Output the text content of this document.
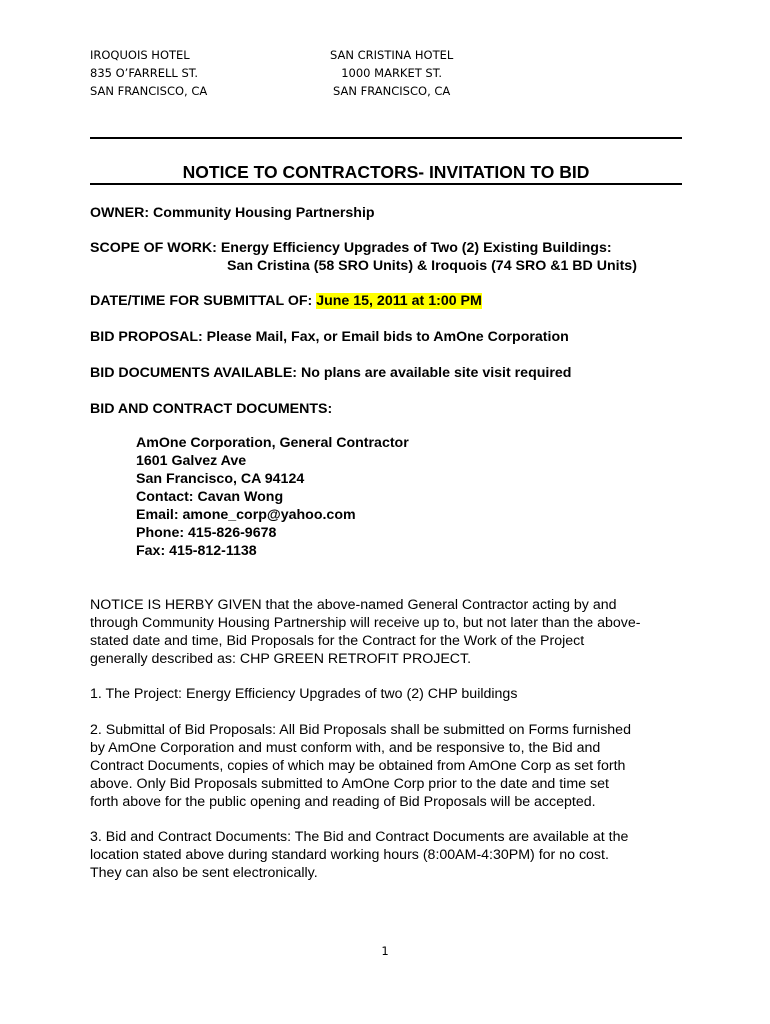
IROQUOIS HOTEL
835 O’FARRELL ST.
SAN FRANCISCO, CA
SAN CRISTINA HOTEL
1000 MARKET ST.
SAN FRANCISCO, CA
NOTICE TO CONTRACTORS- INVITATION TO BID
OWNER: Community Housing Partnership
SCOPE OF WORK: Energy Efficiency Upgrades of Two (2) Existing Buildings:
San Cristina (58 SRO Units) & Iroquois (74 SRO &1 BD Units)
DATE/TIME FOR SUBMITTAL OF: June 15, 2011 at 1:00 PM
BID PROPOSAL: Please Mail, Fax, or Email bids to AmOne Corporation
BID DOCUMENTS AVAILABLE: No plans are available site visit required
BID AND CONTRACT DOCUMENTS:
AmOne Corporation, General Contractor
1601 Galvez Ave
San Francisco, CA 94124
Contact: Cavan Wong
Email: amone_corp@yahoo.com
Phone: 415-826-9678
Fax: 415-812-1138
NOTICE IS HERBY GIVEN that the above-named General Contractor acting by and
through Community Housing Partnership will receive up to, but not later than the above-
stated date and time, Bid Proposals for the Contract for the Work of the Project
generally described as: CHP GREEN RETROFIT PROJECT.
1. The Project: Energy Efficiency Upgrades of two (2) CHP buildings
2. Submittal of Bid Proposals: All Bid Proposals shall be submitted on Forms furnished
by AmOne Corporation and must conform with, and be responsive to, the Bid and
Contract Documents, copies of which may be obtained from AmOne Corp as set forth
above. Only Bid Proposals submitted to AmOne Corp prior to the date and time set
forth above for the public opening and reading of Bid Proposals will be accepted.
3. Bid and Contract Documents: The Bid and Contract Documents are available at the
location stated above during standard working hours (8:00AM-4:30PM) for no cost.
They can also be sent electronically.
1
